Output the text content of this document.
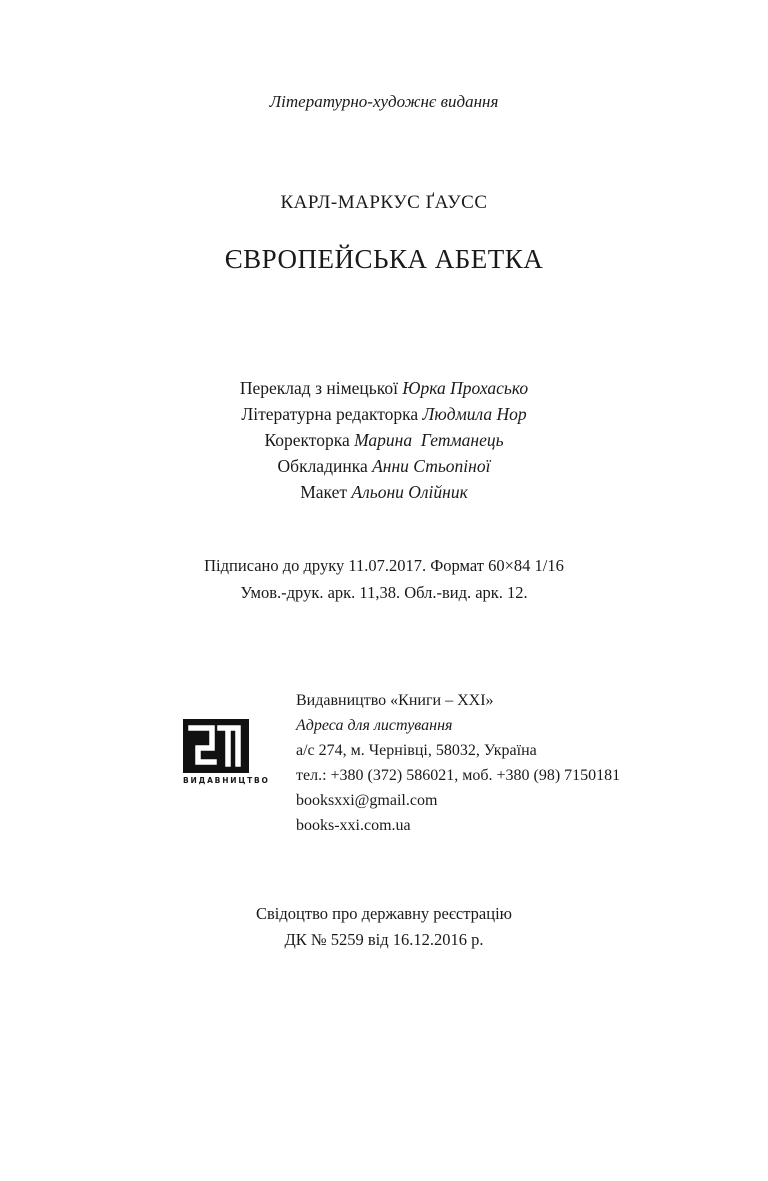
Літературно-художнє видання
КАРЛ-МАРКУС ҐАУСС
ЄВРОПЕЙСЬКА АБЕТКА
Переклад з німецької Юрка Прохасько
Літературна редакторка Людмила Нор
Коректорка Марина  Гетманець
Обкладинка Анни Стьопіної
Макет Альони Олійник
Підписано до друку 11.07.2017. Формат 60×84 1/16
Умов.-друк. арк. 11,38. Обл.-вид. арк. 12.
ВИДАВНИЦТВО
Видавництво «Книги – XXI»
Адреса для листування
а/с 274, м. Чернівці, 58032, Україна
тел.: +380 (372) 586021, моб. +380 (98) 7150181
booksxxi@gmail.com
books-xxi.com.ua
Свідоцтво про державну реєстрацію
ДК № 5259 від 16.12.2016 р.
